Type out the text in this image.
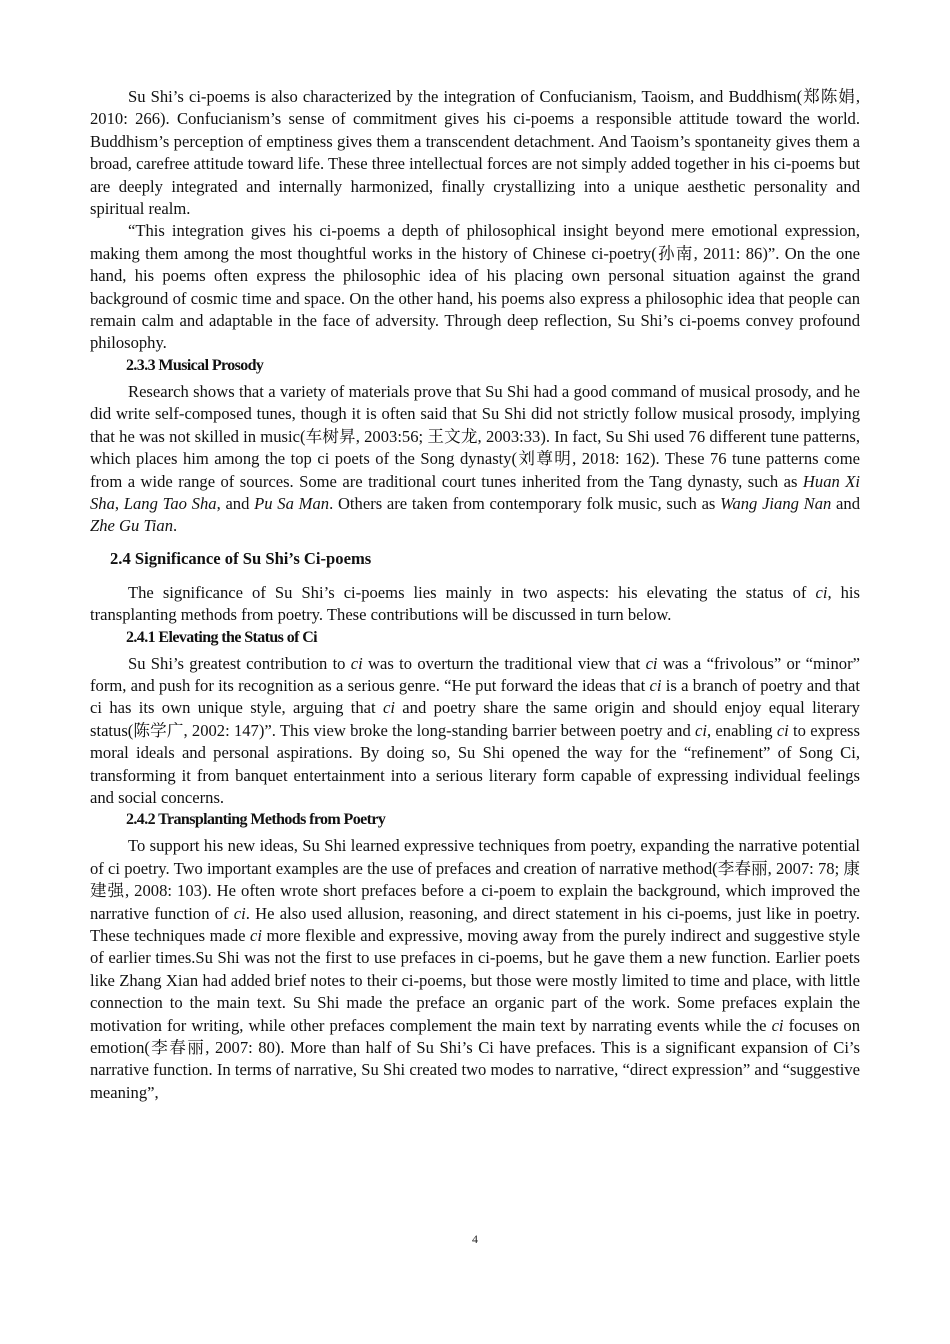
Su Shi’s ci-poems is also characterized by the integration of Confucianism, Taoism, and Buddhism(郑陈娟, 2010: 266). Confucianism’s sense of commitment gives his ci-poems a responsible attitude toward the world. Buddhism’s perception of emptiness gives them a transcendent detachment. And Taoism’s spontaneity gives them a broad, carefree attitude toward life. These three intellectual forces are not simply added together in his ci-poems but are deeply integrated and internally harmonized, finally crystallizing into a unique aesthetic personality and spiritual realm.

“This integration gives his ci-poems a depth of philosophical insight beyond mere emotional expression, making them among the most thoughtful works in the history of Chinese ci-poetry(孙南, 2011: 86)”. On the one hand, his poems often express the philosophic idea of his placing own personal situation against the grand background of cosmic time and space. On the other hand, his poems also express a philosophic idea that people can remain calm and adaptable in the face of adversity. Through deep reflection, Su Shi’s ci-poems convey profound philosophy.

2.3.3 Musical Prosody

Research shows that a variety of materials prove that Su Shi had a good command of musical prosody, and he did write self-composed tunes, though it is often said that Su Shi did not strictly follow musical prosody, implying that he was not skilled in music(车树昇, 2003:56; 王文龙, 2003:33). In fact, Su Shi used 76 different tune patterns, which places him among the top ci poets of the Song dynasty(刘尊明, 2018: 162). These 76 tune patterns come from a wide range of sources. Some are traditional court tunes inherited from the Tang dynasty, such as Huan Xi Sha, Lang Tao Sha, and Pu Sa Man. Others are taken from contemporary folk music, such as Wang Jiang Nan and Zhe Gu Tian.

2.4 Significance of Su Shi’s Ci-poems

The significance of Su Shi’s ci-poems lies mainly in two aspects: his elevating the status of ci, his transplanting methods from poetry. These contributions will be discussed in turn below.

2.4.1 Elevating the Status of Ci

Su Shi’s greatest contribution to ci was to overturn the traditional view that ci was a “frivolous” or “minor” form, and push for its recognition as a serious genre. “He put forward the ideas that ci is a branch of poetry and that ci has its own unique style, arguing that ci and poetry share the same origin and should enjoy equal literary status(陈学广, 2002: 147)”. This view broke the long-standing barrier between poetry and ci, enabling ci to express moral ideals and personal aspirations. By doing so, Su Shi opened the way for the “refinement” of Song Ci, transforming it from banquet entertainment into a serious literary form capable of expressing individual feelings and social concerns.

2.4.2 Transplanting Methods from Poetry

To support his new ideas, Su Shi learned expressive techniques from poetry, expanding the narrative potential of ci poetry. Two important examples are the use of prefaces and creation of narrative method(李春丽, 2007: 78; 康建强, 2008: 103). He often wrote short prefaces before a ci-poem to explain the background, which improved the narrative function of ci. He also used allusion, reasoning, and direct statement in his ci-poems, just like in poetry. These techniques made ci more flexible and expressive, moving away from the purely indirect and suggestive style of earlier times.Su Shi was not the first to use prefaces in ci-poems, but he gave them a new function. Earlier poets like Zhang Xian had added brief notes to their ci-poems, but those were mostly limited to time and place, with little connection to the main text. Su Shi made the preface an organic part of the work. Some prefaces explain the motivation for writing, while other prefaces complement the main text by narrating events while the ci focuses on emotion(李春丽, 2007: 80). More than half of Su Shi’s Ci have prefaces. This is a significant expansion of Ci’s narrative function. In terms of narrative, Su Shi created two modes to narrative, “direct expression” and “suggestive meaning”,

4
